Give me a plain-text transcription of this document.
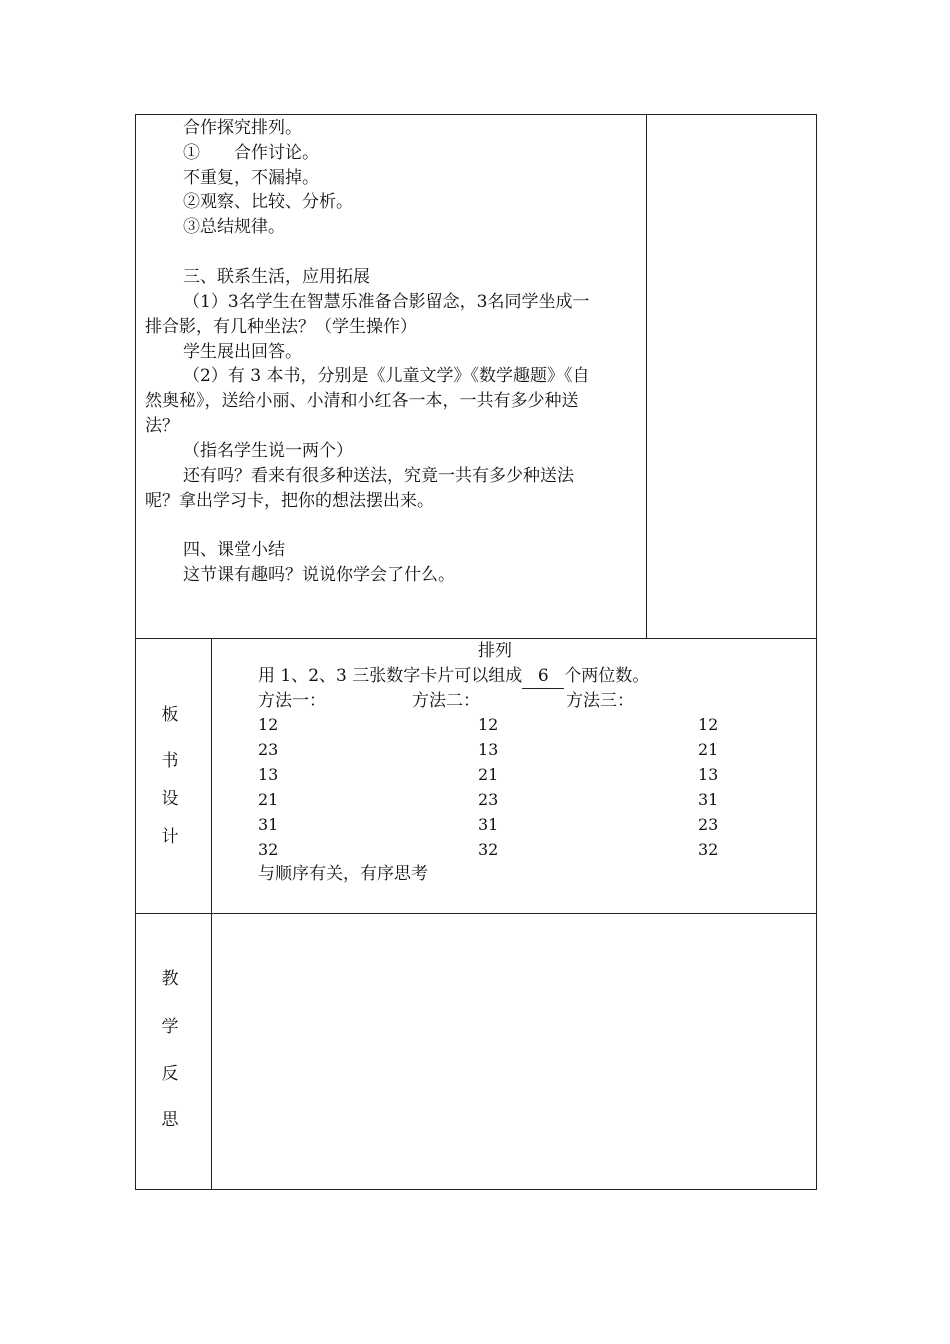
合作探究排列。
①　　合作讨论。
不重复，不漏掉。
②观察、比较、分析。
③总结规律。
三、联系生活，应用拓展
（1）3名学生在智慧乐准备合影留念，3名同学坐成一
排合影，有几种坐法？（学生操作）
学生展出回答。
（2）有 3 本书，分别是《儿童文学》《数学趣题》《自
然奥秘》，送给小丽、小清和小红各一本，一共有多少种送
法？
（指名学生说一两个）
还有吗？看来有很多种送法，究竟一共有多少种送法
呢？拿出学习卡，把你的想法摆出来。
四、课堂小结
这节课有趣吗？说说你学会了什么。
板
书
设
计
排列
用 1、2、3 三张数字卡片可以组成 6 个两位数。
方法一：	方法二：	方法三：
12
23
13
21
31
32
12
13
21
23
31
32
12
21
13
31
23
32
与顺序有关，有序思考
教
学
反
思
